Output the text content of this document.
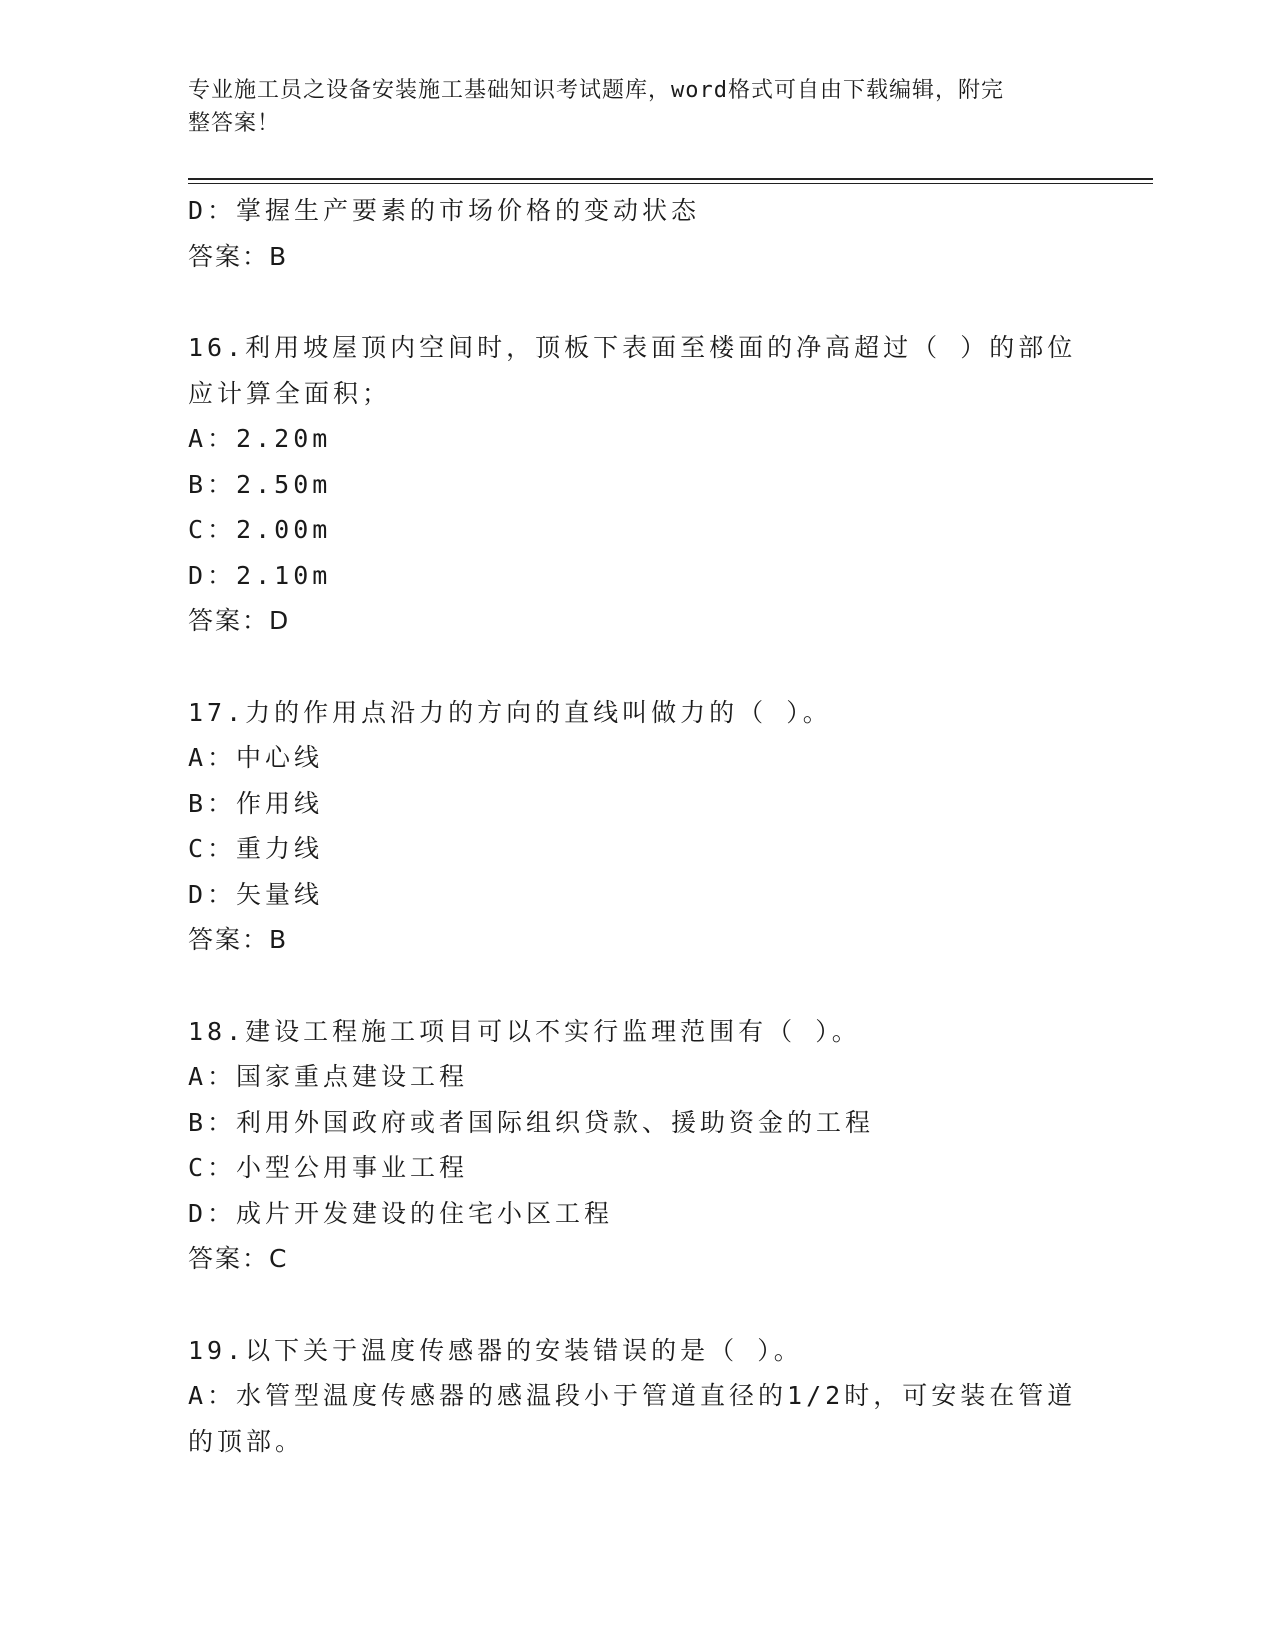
专业施工员之设备安装施工基础知识考试题库，word格式可自由下载编辑，附完
整答案！
D：掌握生产要素的市场价格的变动状态
答案：B
16.利用坡屋顶内空间时，顶板下表面至楼面的净高超过（ ）的部位
应计算全面积；
A：2.20m
B：2.50m
C：2.00m
D：2.10m
答案：D
17.力的作用点沿力的方向的直线叫做力的（ ）。
A：中心线
B：作用线
C：重力线
D：矢量线
答案：B
18.建设工程施工项目可以不实行监理范围有（ ）。
A：国家重点建设工程
B：利用外国政府或者国际组织贷款、援助资金的工程
C：小型公用事业工程
D：成片开发建设的住宅小区工程
答案：C
19.以下关于温度传感器的安装错误的是（ ）。
A：水管型温度传感器的感温段小于管道直径的1/2时，可安装在管道
的顶部。
